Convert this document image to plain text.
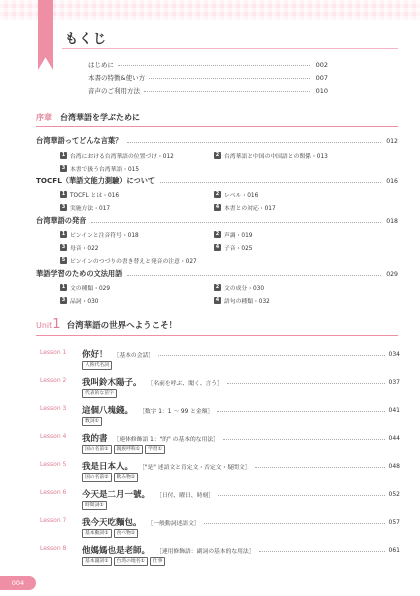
もくじ
はじめに	002
本書の特徴&使い方	007
音声のご利用方法	010
序章 台湾華語を学ぶために
台湾華語ってどんな言葉？	012
1 台湾における台湾華語の位置づけ・012	2 台湾華語と中国の中国語との関係・013
3 本書で扱う台湾華語・015
TOCFL（華語文能力測驗）について	016
1 TOCFL とは・016	2 レベル・016
3 実施方法・017	4 本書との対応・017
台湾華語の発音	018
1 ピンインと注音符号・018	2 声調・019
3 母音・022	4 子音・025
5 ピンインのつづりの書き替えと発音の注意・027
華語学習のための文法用語	029
1 文の種類・029	2 文の成分・030
3 品詞・030	4 語句の種類・032
Unit 1 台湾華語の世界へようこそ！
Lesson 1 你好！ ［基本の会話］	034
人称代名詞
Lesson 2 我叫鈴木陽子。 ［名前を呼ぶ、聞く、言う］	037
代表的な苗字
Lesson 3 這個八塊錢。 ［数字 1：1 ～ 99 と金額］	041
数詞①
Lesson 4 我的書 ［連体修飾語 1："的" の基本的な用法］	044
国の名前①	親族呼称①	学習①
Lesson 5 我是日本人。 ［"是" 述語文と肯定文・否定文・疑問文］	048
国の名前②	飲み物①
Lesson 6 今天是二月一號。 ［日付、曜日、時刻］	052
時間詞①
Lesson 7 我今天吃麵包。 ［一般動詞述語文］	057
基本動詞①	食べ物①
Lesson 8 他媽媽也是老師。 ［連用修飾語：副詞の基本的な用法］	061
基本副詞①	台湾の地名①	仕事
004
